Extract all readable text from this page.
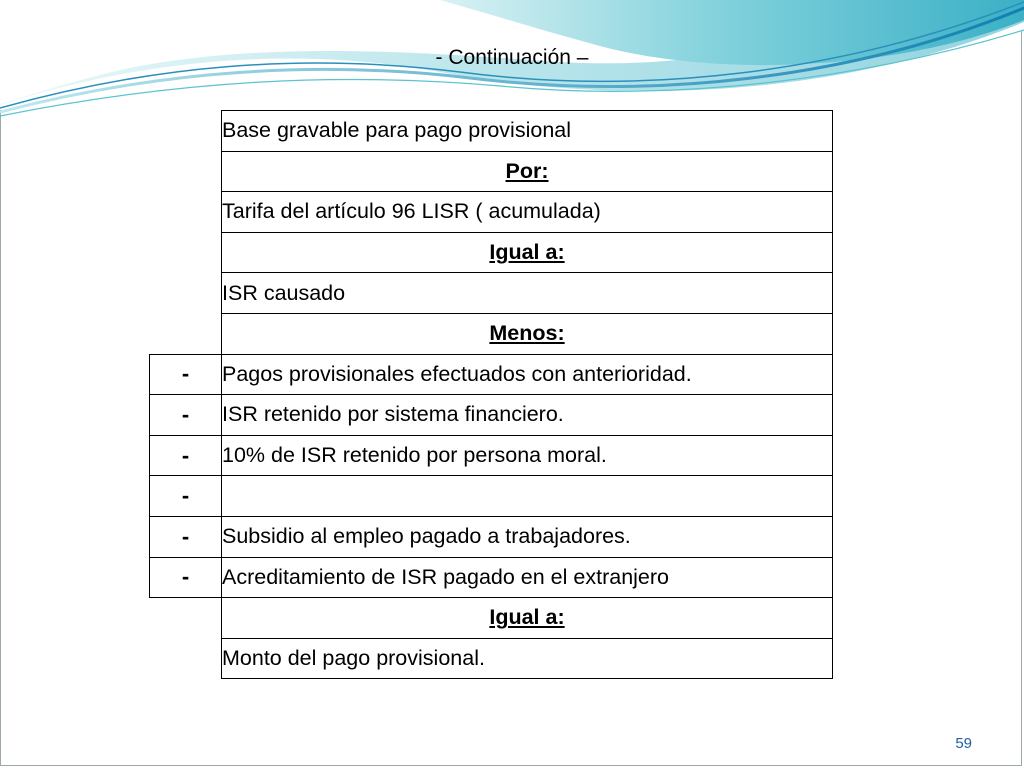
- Continuación –
	Base gravable para pago provisional
	Por:
	Tarifa del artículo 96 LISR ( acumulada)
	Igual a:
	ISR causado
	Menos:
-	Pagos provisionales efectuados con anterioridad.
-	ISR retenido por sistema financiero.
-	10% de ISR retenido por persona moral.
-	
-	Subsidio al empleo pagado a trabajadores.
-	Acreditamiento de ISR pagado en el extranjero
	Igual a:
	Monto del pago provisional.
59
